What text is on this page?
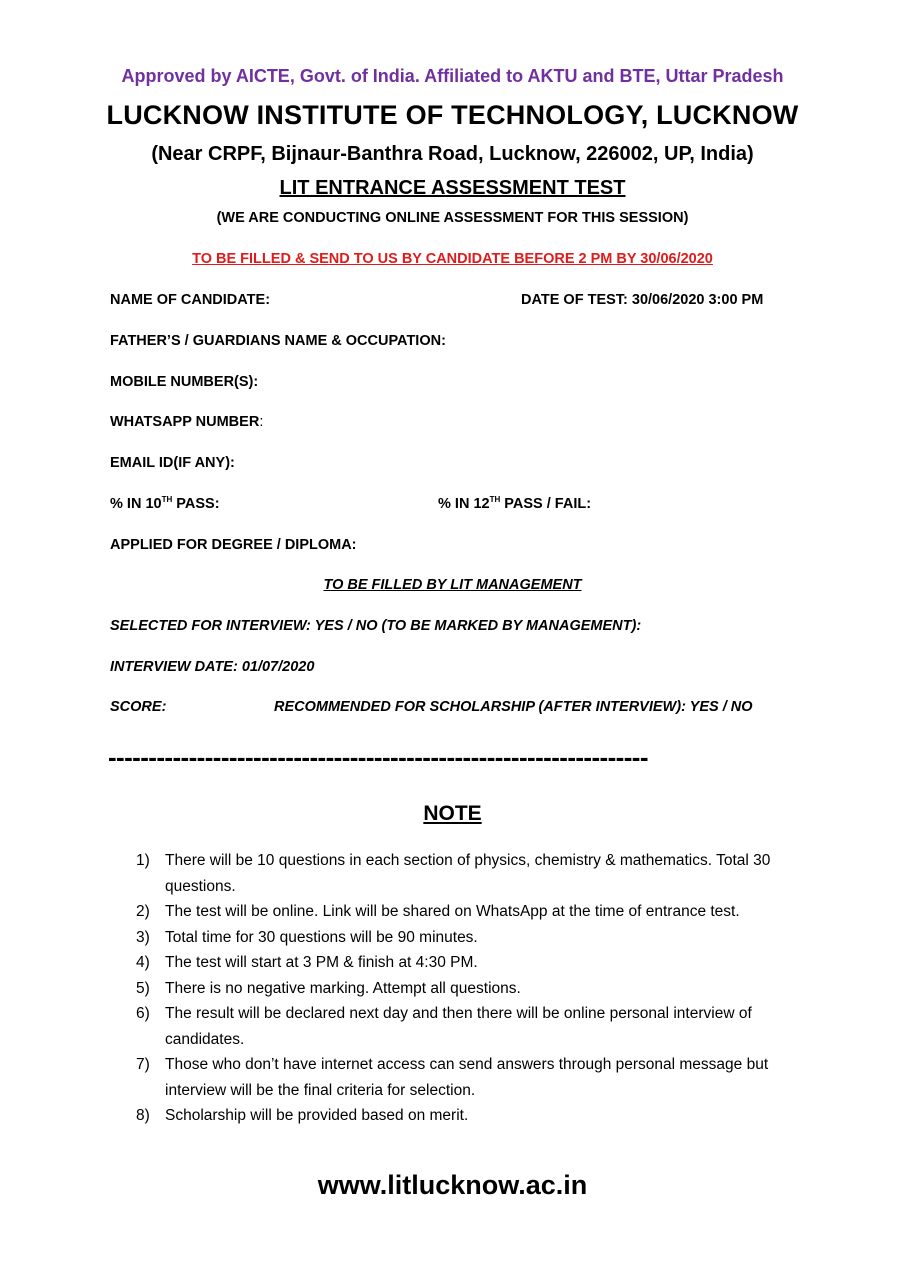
Approved by AICTE, Govt. of India. Affiliated to AKTU and BTE, Uttar Pradesh
LUCKNOW INSTITUTE OF TECHNOLOGY, LUCKNOW
(Near CRPF, Bijnaur-Banthra Road, Lucknow, 226002, UP, India)
LIT ENTRANCE ASSESSMENT TEST
(WE ARE CONDUCTING ONLINE ASSESSMENT FOR THIS SESSION)
TO BE FILLED & SEND TO US BY CANDIDATE BEFORE 2 PM BY 30/06/2020
NAME OF CANDIDATE:	DATE OF TEST: 30/06/2020 3:00 PM
FATHER’S / GUARDIANS NAME & OCCUPATION:
MOBILE NUMBER(S):
WHATSAPP NUMBER:
EMAIL ID(IF ANY):
% IN 10TH PASS:	% IN 12TH PASS / FAIL:
APPLIED FOR DEGREE / DIPLOMA:
TO BE FILLED BY LIT MANAGEMENT
SELECTED FOR INTERVIEW: YES / NO (TO BE MARKED BY MANAGEMENT):
INTERVIEW DATE: 01/07/2020
SCORE:	RECOMMENDED FOR SCHOLARSHIP (AFTER INTERVIEW): YES / NO
-------------------------------------------------------------------
NOTE
1) There will be 10 questions in each section of physics, chemistry & mathematics. Total 30 questions.
2) The test will be online. Link will be shared on WhatsApp at the time of entrance test.
3) Total time for 30 questions will be 90 minutes.
4) The test will start at 3 PM & finish at 4:30 PM.
5) There is no negative marking. Attempt all questions.
6) The result will be declared next day and then there will be online personal interview of candidates.
7) Those who don’t have internet access can send answers through personal message but interview will be the final criteria for selection.
8) Scholarship will be provided based on merit.
www.litlucknow.ac.in
